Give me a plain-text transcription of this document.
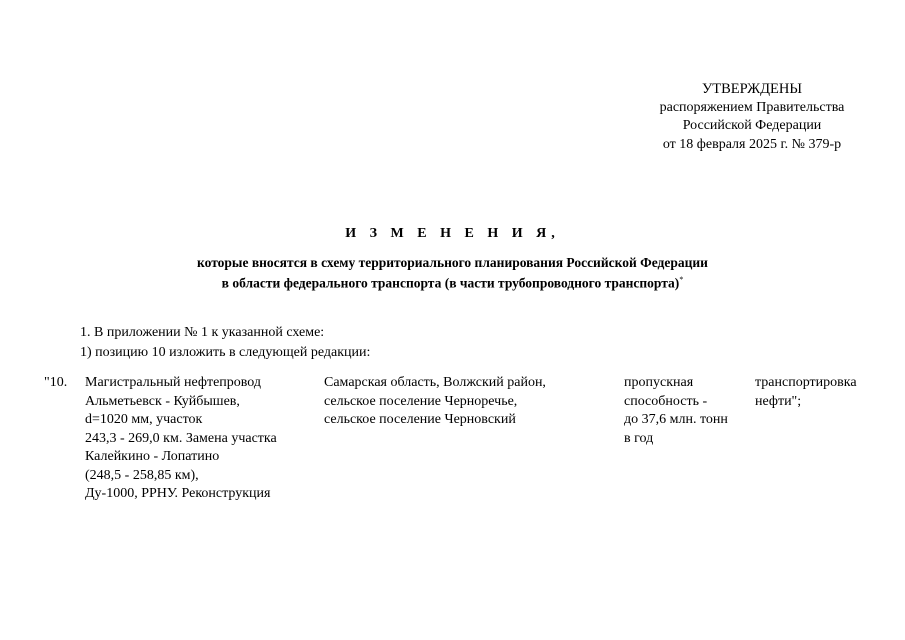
УТВЕРЖДЕНЫ
распоряжением Правительства
Российской Федерации
от 18 февраля 2025 г. № 379-р
И З М Е Н Е Н И Я,
которые вносятся в схему территориального планирования Российской Федерации
в области федерального транспорта (в части трубопроводного транспорта)*
1. В приложении № 1 к указанной схеме:
1) позицию 10 изложить в следующей редакции:
"10. Магистральный нефтепровод
Альметьевск - Куйбышев,
d=1020 мм, участок
243,3 - 269,0 км. Замена участка
Калейкино - Лопатино
(248,5 - 258,85 км),
Ду-1000, РРНУ. Реконструкция
Самарская область, Волжский район,
сельское поселение Черноречье,
сельское поселение Черновский
пропускная
способность -
до 37,6 млн. тонн
в год
транспортировка
нефти";
